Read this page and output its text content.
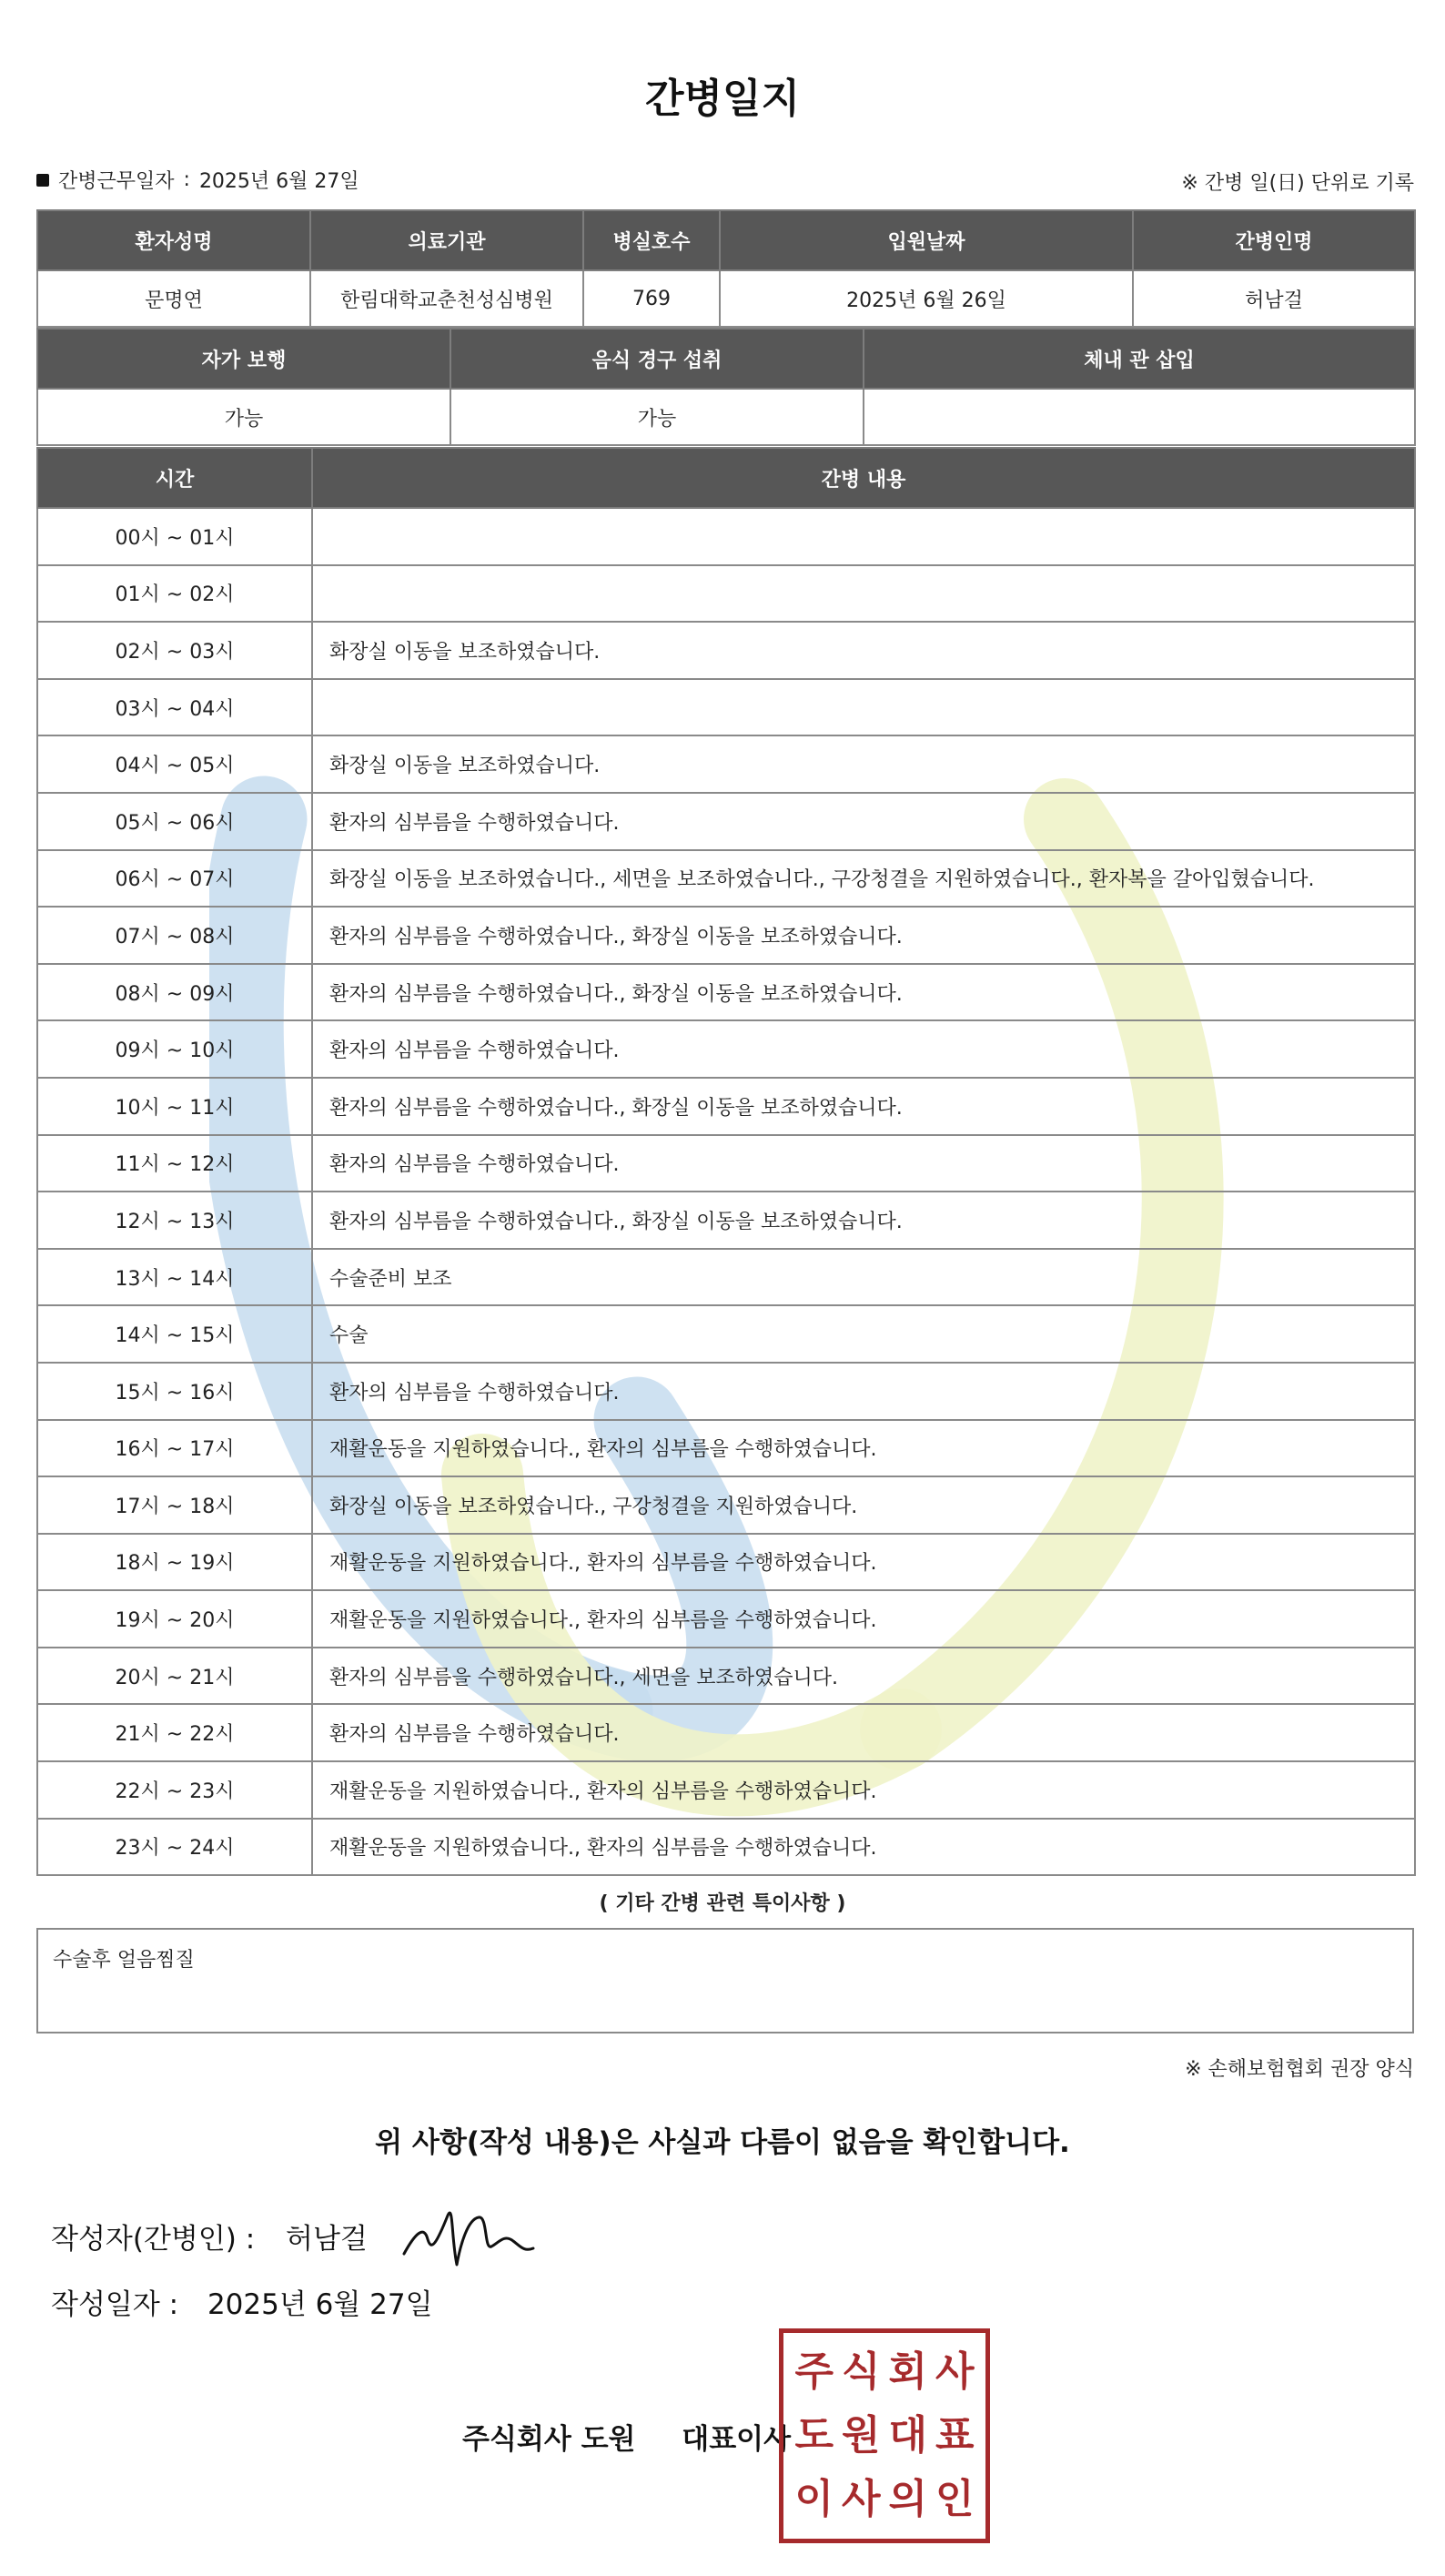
간병일지
간병근무일자 : 2025년 6월 27일	※ 간병 일(日) 단위로 기록
환자성명	의료기관	병실호수	입원날짜	간병인명
문명연	한림대학교춘천성심병원	769	2025년 6월 26일	허남걸
자가 보행	음식 경구 섭취	체내 관 삽입
가능	가능	
시간	간병 내용
00시 ~ 01시	
01시 ~ 02시	
02시 ~ 03시	화장실 이동을 보조하였습니다.
03시 ~ 04시	
04시 ~ 05시	화장실 이동을 보조하였습니다.
05시 ~ 06시	환자의 심부름을 수행하였습니다.
06시 ~ 07시	화장실 이동을 보조하였습니다., 세면을 보조하였습니다., 구강청결을 지원하였습니다., 환자복을 갈아입혔습니다.
07시 ~ 08시	환자의 심부름을 수행하였습니다., 화장실 이동을 보조하였습니다.
08시 ~ 09시	환자의 심부름을 수행하였습니다., 화장실 이동을 보조하였습니다.
09시 ~ 10시	환자의 심부름을 수행하였습니다.
10시 ~ 11시	환자의 심부름을 수행하였습니다., 화장실 이동을 보조하였습니다.
11시 ~ 12시	환자의 심부름을 수행하였습니다.
12시 ~ 13시	환자의 심부름을 수행하였습니다., 화장실 이동을 보조하였습니다.
13시 ~ 14시	수술준비 보조
14시 ~ 15시	수술
15시 ~ 16시	환자의 심부름을 수행하였습니다.
16시 ~ 17시	재활운동을 지원하였습니다., 환자의 심부름을 수행하였습니다.
17시 ~ 18시	화장실 이동을 보조하였습니다., 구강청결을 지원하였습니다.
18시 ~ 19시	재활운동을 지원하였습니다., 환자의 심부름을 수행하였습니다.
19시 ~ 20시	재활운동을 지원하였습니다., 환자의 심부름을 수행하였습니다.
20시 ~ 21시	환자의 심부름을 수행하였습니다., 세면을 보조하였습니다.
21시 ~ 22시	환자의 심부름을 수행하였습니다.
22시 ~ 23시	재활운동을 지원하였습니다., 환자의 심부름을 수행하였습니다.
23시 ~ 24시	재활운동을 지원하였습니다., 환자의 심부름을 수행하였습니다.
( 기타 간병 관련 특이사항 )
수술후 얼음찜질
※ 손해보험협회 권장 양식
위 사항(작성 내용)은 사실과 다름이 없음을 확인합니다.
작성자(간병인) : 허남걸
작성일자 : 2025년 6월 27일
주식회사 도원 대표이사
주 식 회 사
도 원 대 표
이 사 의 인
